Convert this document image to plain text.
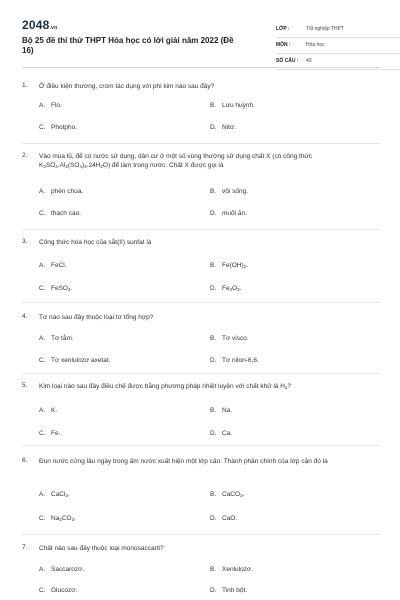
2048.vn
Bộ 25 đề thi thử THPT Hóa học có lời giải năm 2022 (Đề 16)
LỚP :	Tốt nghiệp THPT
MÔN :	Hóa học
SỐ CÂU : 40
1. Ở điều kiện thường, crom tác dụng với phi kim nào sau đây?
A. Flo.	B. Lưu huỳnh.
C. Photpho.	D. Nitơ.
2. Vào mùa lũ, để có nước sử dụng, dân cư ở một số vùng thường sử dụng chất X (có công thức $K_2SO_4.Al_2(SO_4)_3.24H_2O$) để làm trong nước. Chất X được gọi là
A. phèn chua.	B. vôi sống.
C. thạch cao.	D. muối ăn.
3. Công thức hóa học của sắt(II) sunfat là
A. FeCl.	B. $Fe(OH)_2$.
C. FeSO$_4$.	D. $Fe_2O_3$.
4. Tơ nào sau đây thuộc loại tơ tổng hợp?
A. Tơ tằm.	B. Tơ visco.
C. Tơ xenlulozơ axetat.	D. Tơ nilon-6,6.
5. Kim loại nào sau đây điều chế được bằng phương pháp nhiệt luyện với chất khử là $H_2$?
A. K.	B. Na.
C. Fe.	D. Ca.
6. Đun nước cứng lâu ngày trong ấm nước xuất hiện một lớp cặn. Thành phần chính của lớp cặn đó là
A. CaCl$_2$.	B. CaCO$_3$.
C. $Na_2CO_3$.	D. CaO.
7. Chất nào sau đây thuộc loại monosaccarit?
A. Saccarozơ.	B. Xenlulozơ.
C. Glucozơ.	D. Tinh bột.
